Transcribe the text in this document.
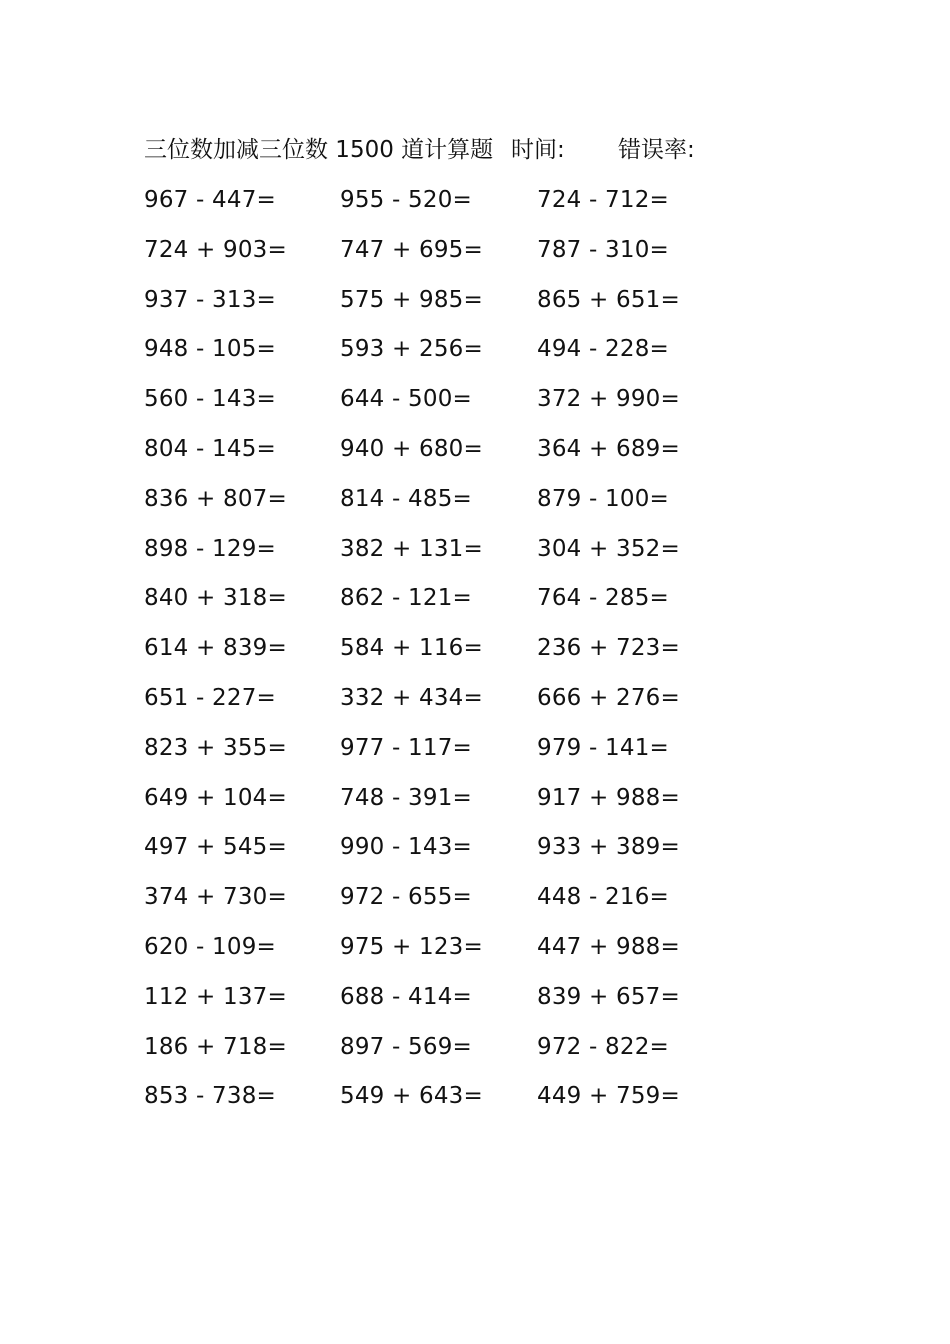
三位数加减三位数 1500 道计算题 时间: 错误率:
967 - 447=	955 - 520=	724 - 712=
724 + 903= 747 + 695= 787 - 310=
937 - 313=	575 + 985= 865 + 651=
948 - 105=	593 + 256= 494 - 228=
560 - 143=	644 - 500=	372 + 990=
804 - 145=	940 + 680= 364 + 689=
836 + 807= 814 - 485=	879 - 100=
898 - 129=	382 + 131= 304 + 352=
840 + 318= 862 - 121=	764 - 285=
614 + 839= 584 + 116= 236 + 723=
651 - 227=	332 + 434= 666 + 276=
823 + 355= 977 - 117=	979 - 141=
649 + 104= 748 - 391=	917 + 988=
497 + 545= 990 - 143=	933 + 389=
374 + 730= 972 - 655=	448 - 216=
620 - 109=	975 + 123= 447 + 988=
112 + 137= 688 - 414=	839 + 657=
186 + 718= 897 - 569=	972 - 822=
853 - 738=	549 + 643= 449 + 759=
